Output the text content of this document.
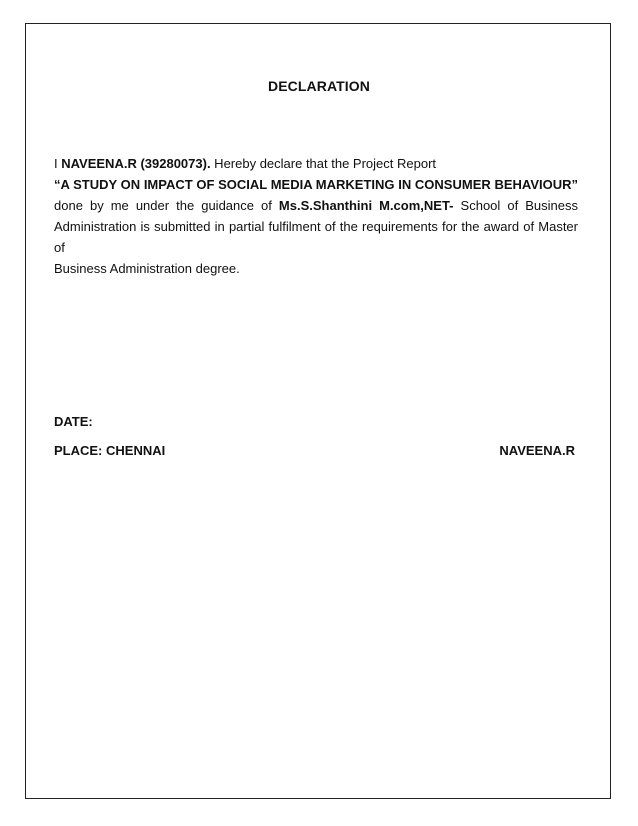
DECLARATION
I NAVEENA.R (39280073). Hereby declare that the Project Report
“A STUDY ON IMPACT OF SOCIAL MEDIA MARKETING IN CONSUMER BEHAVIOUR”
done by me under the guidance of Ms.S.Shanthini M.com,NET- School of Business
Administration is submitted in partial fulfilment of the requirements for the award of Master of
Business Administration degree.
DATE:
PLACE: CHENNAI	NAVEENA.R
